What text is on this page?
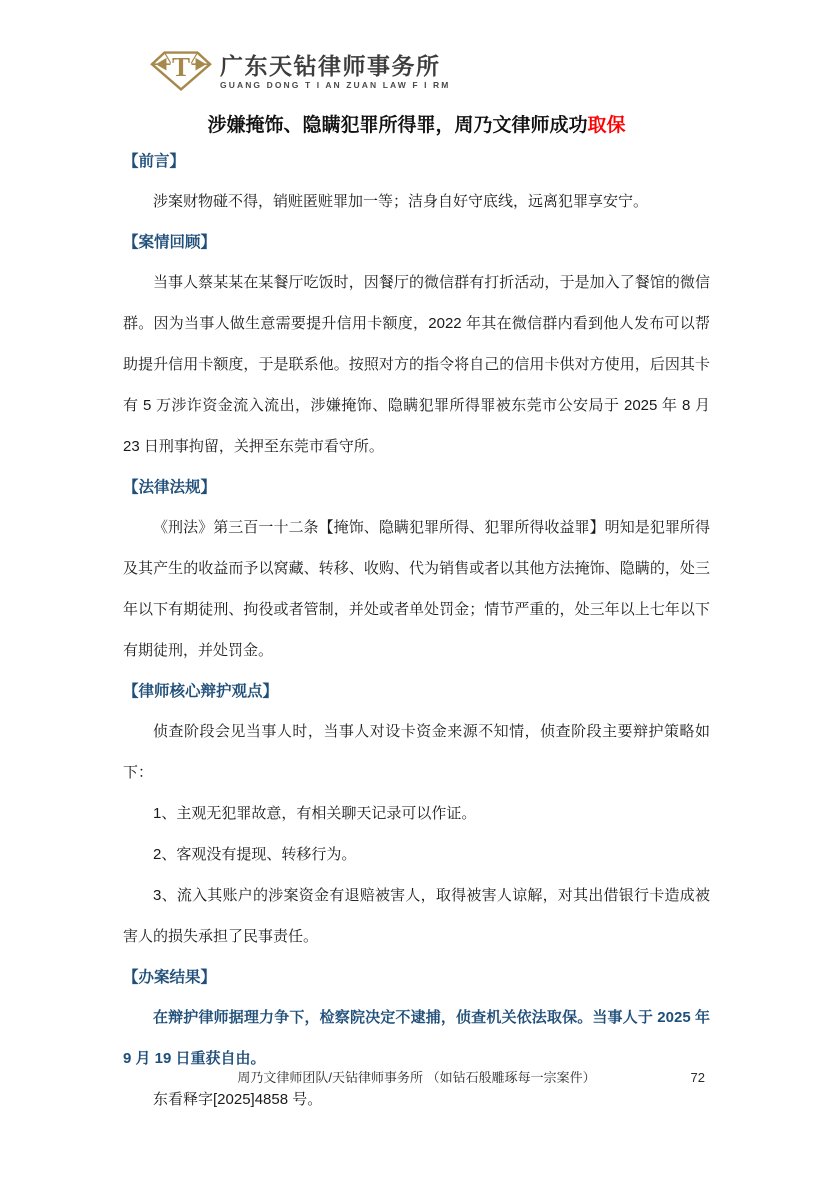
T 广东天钻律师事务所
GUANG DONG T I AN ZUAN LAW F I RM
涉嫌掩饰、隐瞒犯罪所得罪，周乃文律师成功取保
【前言】

涉案财物碰不得，销赃匿赃罪加一等；洁身自好守底线，远离犯罪享安宁。

【案情回顾】

当事人蔡某某在某餐厅吃饭时，因餐厅的微信群有打折活动，于是加入了餐馆的微信群。因为当事人做生意需要提升信用卡额度，2022 年其在微信群内看到他人发布可以帮助提升信用卡额度，于是联系他。按照对方的指令将自己的信用卡供对方使用，后因其卡有 5 万涉诈资金流入流出，涉嫌掩饰、隐瞒犯罪所得罪被东莞市公安局于 2025 年 8 月 23 日刑事拘留，关押至东莞市看守所。

【法律法规】

《刑法》第三百一十二条【掩饰、隐瞒犯罪所得、犯罪所得收益罪】明知是犯罪所得及其产生的收益而予以窝藏、转移、收购、代为销售或者以其他方法掩饰、隐瞒的，处三年以下有期徒刑、拘役或者管制，并处或者单处罚金；情节严重的，处三年以上七年以下有期徒刑，并处罚金。

【律师核心辩护观点】

侦查阶段会见当事人时，当事人对设卡资金来源不知情，侦查阶段主要辩护策略如下：

1、主观无犯罪故意，有相关聊天记录可以作证。

2、客观没有提现、转移行为。

3、流入其账户的涉案资金有退赔被害人，取得被害人谅解，对其出借银行卡造成被害人的损失承担了民事责任。

【办案结果】

在辩护律师据理力争下，检察院决定不逮捕，侦查机关依法取保。当事人于 2025 年 9 月 19 日重获自由。

东看释字[2025]4858 号。

周乃文律师团队/天钻律师事务所 （如钻石般雕琢每一宗案件）	72
